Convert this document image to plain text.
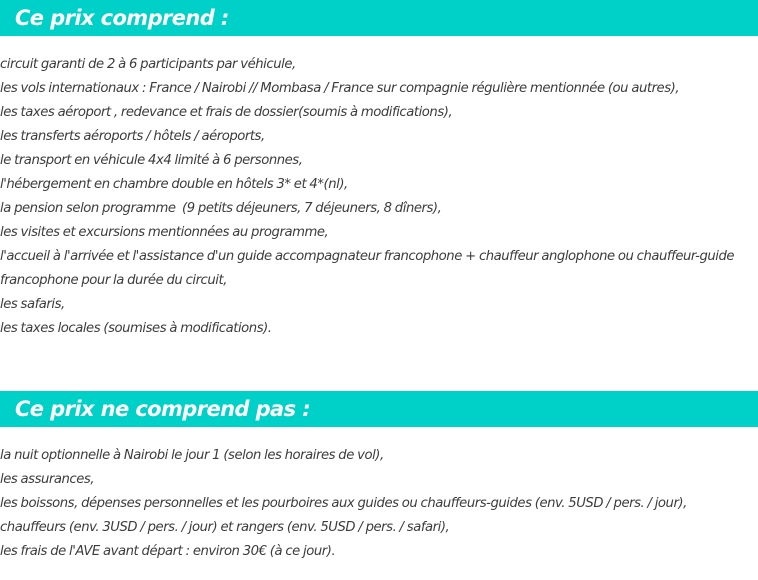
Ce prix comprend :
circuit garanti de 2 à 6 participants par véhicule,
les vols internationaux : France / Nairobi // Mombasa / France sur compagnie régulière mentionnée (ou autres),
les taxes aéroport , redevance et frais de dossier(soumis à modifications),
les transferts aéroports / hôtels / aéroports,
le transport en véhicule 4x4 limité à 6 personnes,
l'hébergement en chambre double en hôtels 3* et 4*(nl),
la pension selon programme  (9 petits déjeuners, 7 déjeuners, 8 dîners),
les visites et excursions mentionnées au programme,
l'accueil à l'arrivée et l'assistance d'un guide accompagnateur francophone + chauffeur anglophone ou chauffeur-guide francophone pour la durée du circuit,
les safaris,
les taxes locales (soumises à modifications).
Ce prix ne comprend pas :
la nuit optionnelle à Nairobi le jour 1 (selon les horaires de vol),
les assurances,
les boissons, dépenses personnelles et les pourboires aux guides ou chauffeurs-guides (env. 5USD / pers. / jour),
chauffeurs (env. 3USD / pers. / jour) et rangers (env. 5USD / pers. / safari),
les frais de l'AVE avant départ : environ 30€ (à ce jour).
